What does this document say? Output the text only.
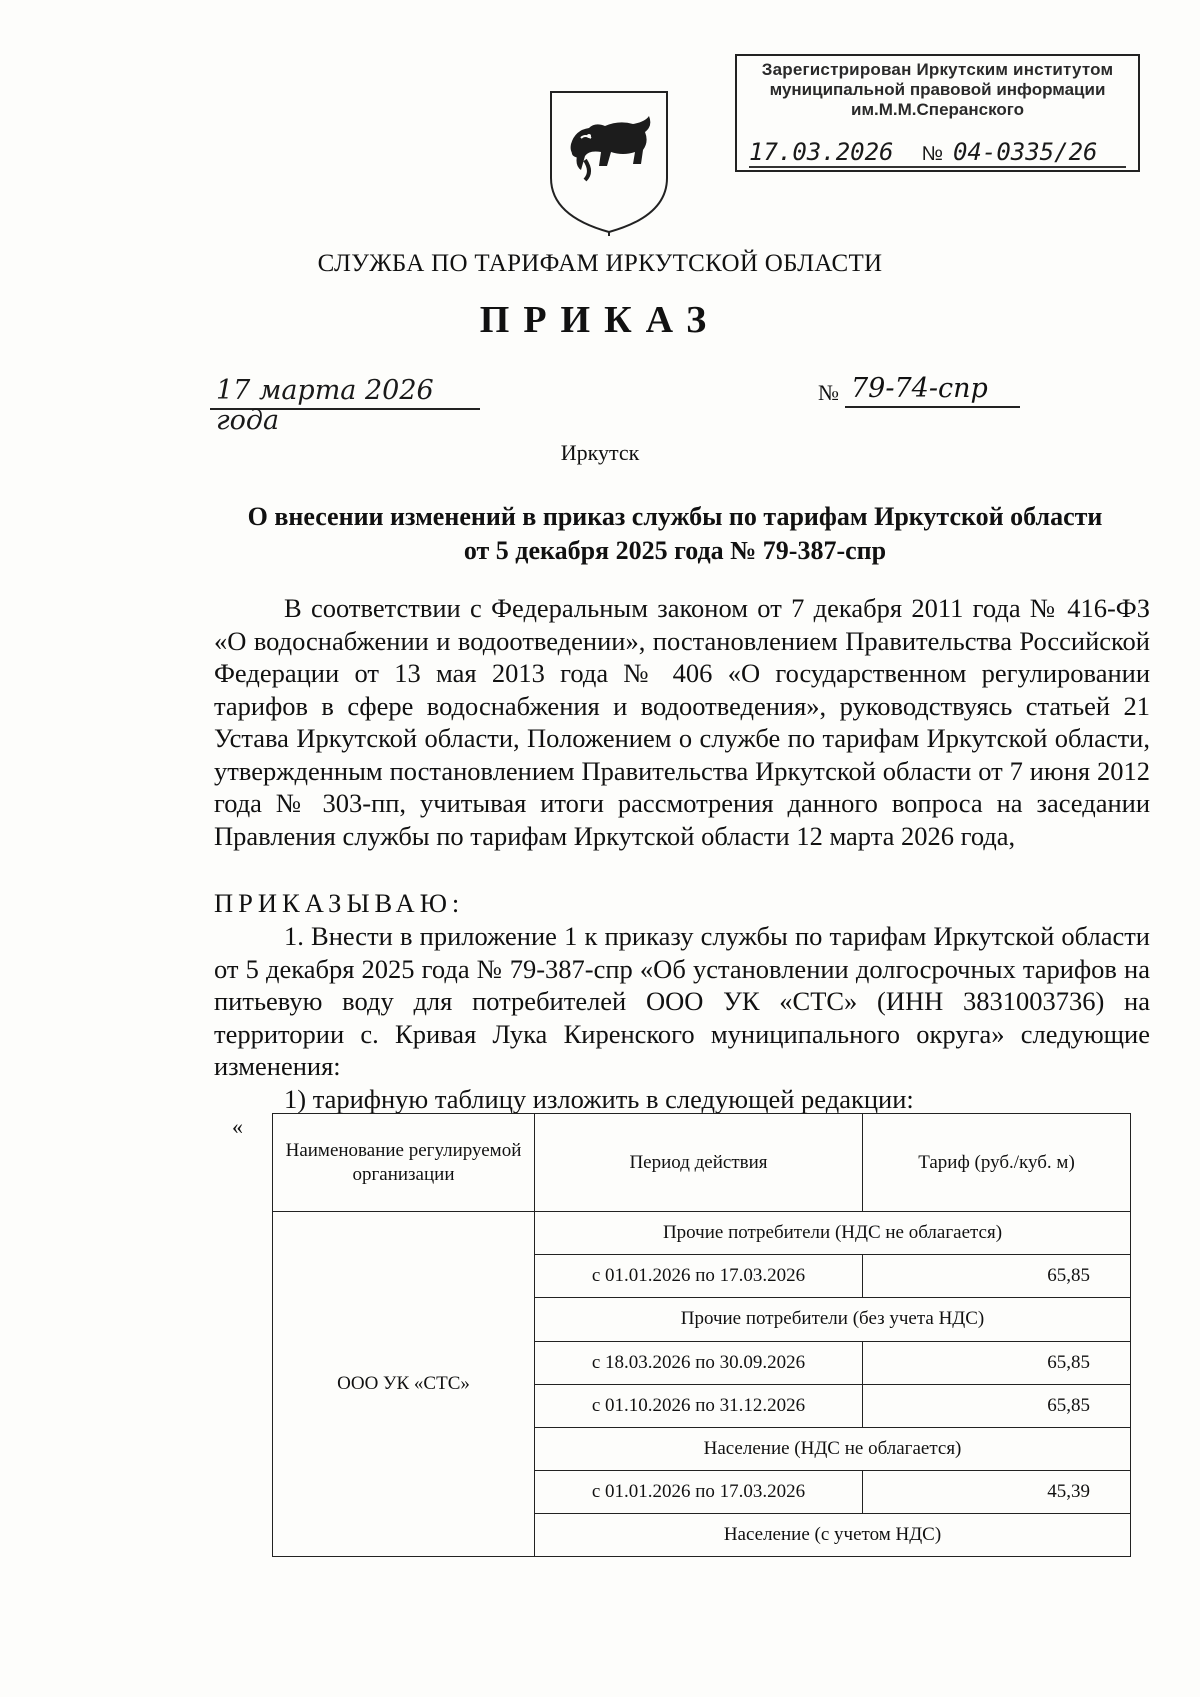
Зарегистрирован Иркутским институтом
муниципальной правовой информации
им.М.М.Сперанского
17.03.2026 № 04-0335/26
СЛУЖБА ПО ТАРИФАМ ИРКУТСКОЙ ОБЛАСТИ
ПРИКАЗ
17 марта 2026 года
№ 79-74-спр
Иркутск
О внесении изменений в приказ службы по тарифам Иркутской области
от 5 декабря 2025 года № 79-387-спр
В соответствии с Федеральным законом от 7 декабря 2011 года № 416-ФЗ «О водоснабжении и водоотведении», постановлением Правительства Российской Федерации от 13 мая 2013 года № 406 «О государственном регулировании тарифов в сфере водоснабжения и водоотведения», руководствуясь статьей 21 Устава Иркутской области, Положением о службе по тарифам Иркутской области, утвержденным постановлением Правительства Иркутской области от 7 июня 2012 года № 303-пп, учитывая итоги рассмотрения данного вопроса на заседании Правления службы по тарифам Иркутской области 12 марта 2026 года,
ПРИКАЗЫВАЮ:
1. Внести в приложение 1 к приказу службы по тарифам Иркутской области от 5 декабря 2025 года № 79-387-спр «Об установлении долгосрочных тарифов на питьевую воду для потребителей ООО УК «СТС» (ИНН 3831003736) на территории с. Кривая Лука Киренского муниципального округа» следующие изменения:
1) тарифную таблицу изложить в следующей редакции:
«
Наименование регулируемой организации	Период действия	Тариф (руб./куб. м)
ООО УК «СТС»	Прочие потребители (НДС не облагается)	
	с 01.01.2026 по 17.03.2026	65,85
	Прочие потребители (без учета НДС)	
	с 18.03.2026 по 30.09.2026	65,85
	с 01.10.2026 по 31.12.2026	65,85
	Население (НДС не облагается)	
	с 01.01.2026 по 17.03.2026	45,39
	Население (с учетом НДС)	
